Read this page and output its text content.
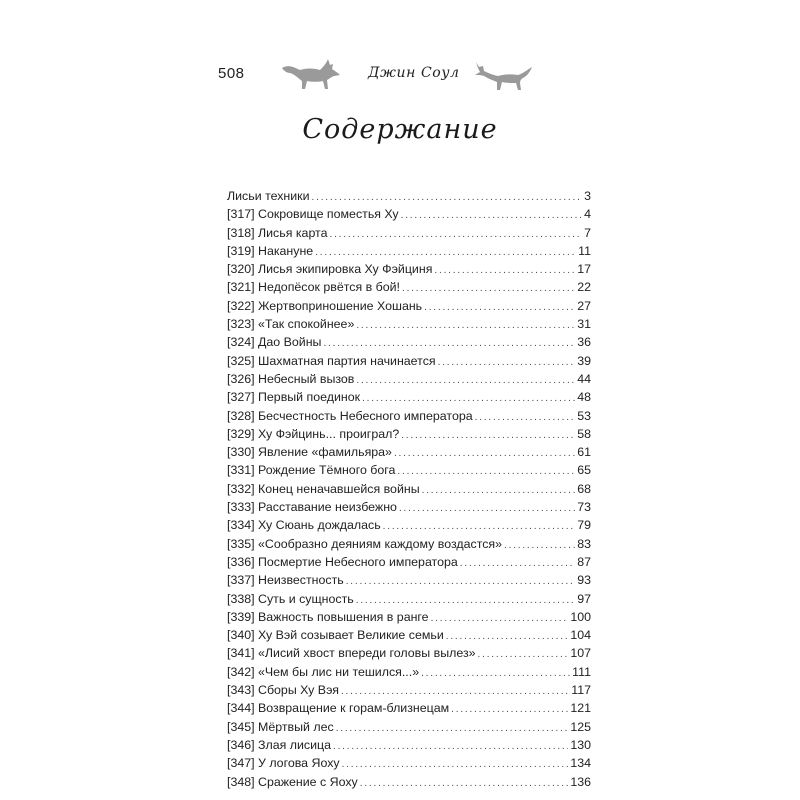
508	Джин Соул
Содержание
Лисьи техники .....	3
[317] Сокровище поместья Ху .....	4
[318] Лисья карта .....	7
[319] Накануне .....	11
[320] Лисья экипировка Ху Фэйциня .....	17
[321] Недопёсок рвётся в бой! .....	22
[322] Жертвоприношение Хошань .....	27
[323] «Так спокойнее» .....	31
[324] Дао Войны .....	36
[325] Шахматная партия начинается .....	39
[326] Небесный вызов .....	44
[327] Первый поединок .....	48
[328] Бесчестность Небесного императора .....	53
[329] Ху Фэйцинь... проиграл? .....	58
[330] Явление «фамильяра» .....	61
[331] Рождение Тёмного бога .....	65
[332] Конец неначавшейся войны .....	68
[333] Расставание неизбежно .....	73
[334] Ху Сюань дождалась .....	79
[335] «Сообразно деяниям каждому воздастся» .....	83
[336] Посмертие Небесного императора .....	87
[337] Неизвестность .....	93
[338] Суть и сущность .....	97
[339] Важность повышения в ранге .....	100
[340] Ху Вэй созывает Великие семьи .....	104
[341] «Лисий хвост впереди головы вылез» .....	107
[342] «Чем бы лис ни тешился...» .....	111
[343] Сборы Ху Вэя .....	117
[344] Возвращение к горам-близнецам .....	121
[345] Мёртвый лес .....	125
[346] Злая лисица .....	130
[347] У логова Яоху .....	134
[348] Сражение с Яоху .....	136
